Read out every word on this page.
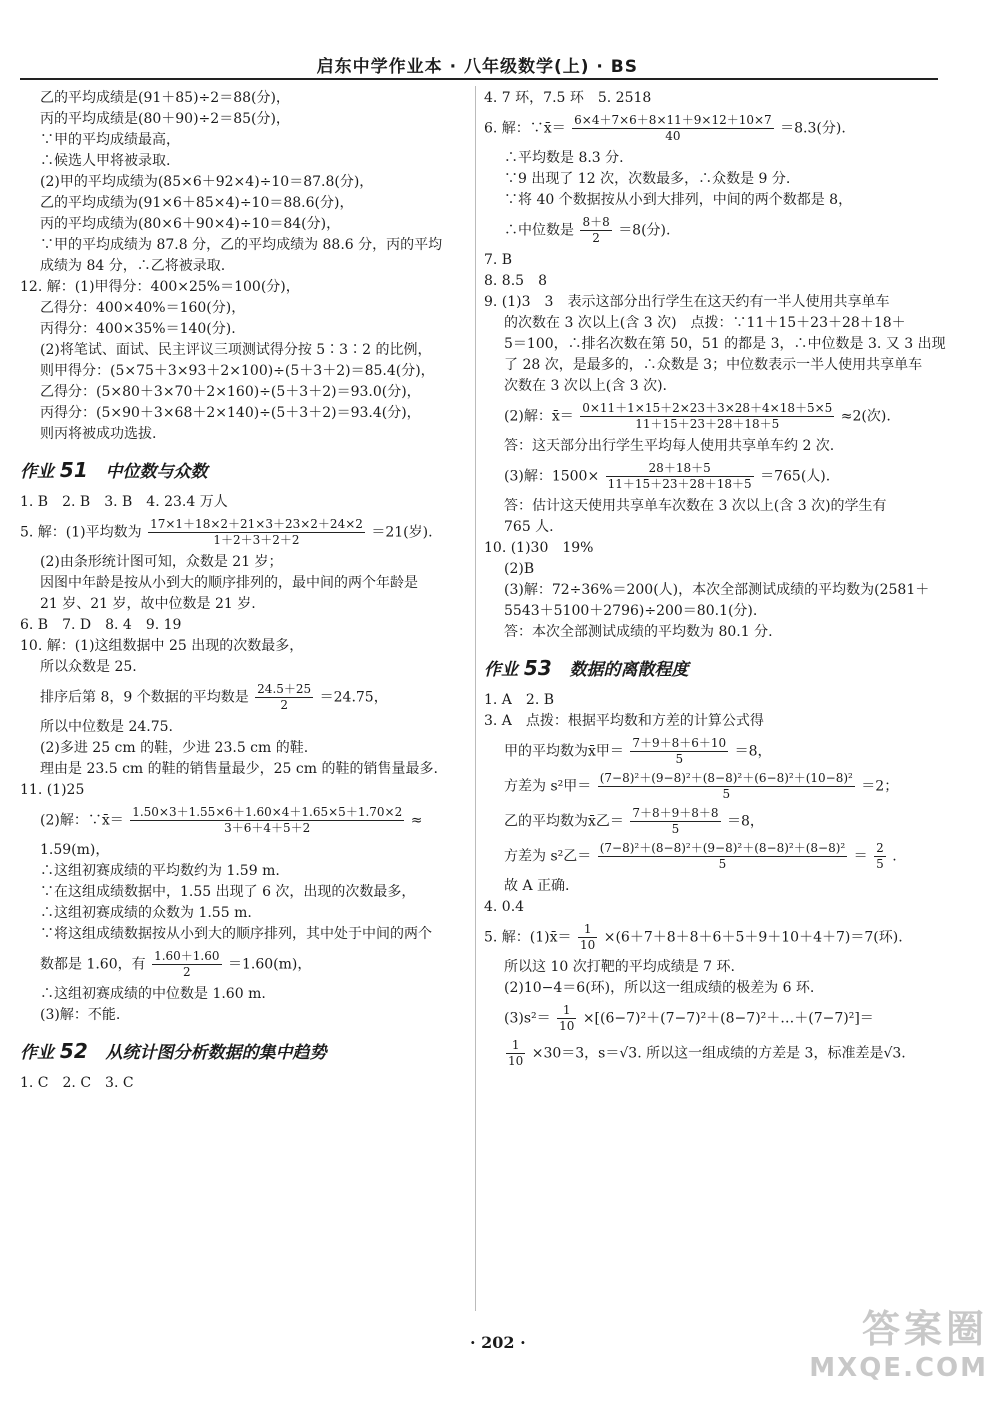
启东中学作业本 · 八年级数学(上) · BS

乙的平均成绩是(91＋85)÷2＝88(分)，

丙的平均成绩是(80＋90)÷2＝85(分)，

∵甲的平均成绩最高，

∴候选人甲将被录取.

(2)甲的平均成绩为(85×6＋92×4)÷10＝87.8(分)，

乙的平均成绩为(91×6＋85×4)÷10＝88.6(分)，

丙的平均成绩为(80×6＋90×4)÷10＝84(分)，

∵甲的平均成绩为 87.8 分，乙的平均成绩为 88.6 分，丙的平均

成绩为 84 分，∴乙将被录取.

12. 解：(1)甲得分：400×25%＝100(分)，

乙得分：400×40%＝160(分)，

丙得分：400×35%＝140(分).

(2)将笔试、面试、民主评议三项测试得分按 5∶3∶2 的比例，

则甲得分：(5×75＋3×93＋2×100)÷(5＋3＋2)＝85.4(分)，

乙得分：(5×80＋3×70＋2×160)÷(5＋3＋2)＝93.0(分)，

丙得分：(5×90＋3×68＋2×140)÷(5＋3＋2)＝93.4(分)，

则丙将被成功选拔.

作业 51 中位数与众数

1. B　2. B　3. B　4. 23.4 万人

5. 解：(1)平均数为 $\frac{17\times 1+18\times 2+21\times 3+23\times 2+24\times 2}{1+2+3+2+2} =21$(岁).

(2)由条形统计图可知，众数是 21 岁；

因图中年龄是按从小到大的顺序排列的，最中间的两个年龄是

21 岁、21 岁，故中位数是 21 岁.

6. B　7. D　8. 4　9. 19

10. 解：(1)这组数据中 25 出现的次数最多，

所以众数是 25.

排序后第 8，9 个数据的平均数是 $\frac{24.5+25}{2} =24.75$，

所以中位数是 24.75.

(2)多进 25 cm 的鞋，少进 23.5 cm 的鞋.

理由是 23.5 cm 的鞋的销售量最少，25 cm 的鞋的销售量最多.

11. (1)25

(2)解：∵x̄＝ $\frac{1.50\times 3+1.55\times 6+1.60\times 4+1.65\times 5+1.70\times 2}{3+6+4+5+2}$ ≈

1.59(m)，

∴这组初赛成绩的平均数约为 1.59 m.

∵在这组成绩数据中，1.55 出现了 6 次，出现的次数最多，

∴这组初赛成绩的众数为 1.55 m.

∵将这组成绩数据按从小到大的顺序排列，其中处于中间的两个

数都是 1.60，有 $\frac{1.60+1.60}{2} =1.60(m)$，

∴这组初赛成绩的中位数是 1.60 m.

(3)解：不能.

作业 52 从统计图分析数据的集中趋势

1. C　2. C　3. C

4. 7 环，7.5 环　5. 2518

6. 解：∵x̄＝ $\frac{6\times 4+7\times 6+8\times 11+9\times 12+10\times 7}{40} =8.3$(分).

∴平均数是 8.3 分.

∵9 出现了 12 次，次数最多，∴众数是 9 分.

∵将 40 个数据按从小到大排列，中间的两个数都是 8，

∴中位数是 $\frac{8+8}{2} =8$(分).

7. B

8. 8.5　8

9. (1)3　3　表示这部分出行学生在这天约有一半人使用共享单车

的次数在 3 次以上(含 3 次)　点拨：∵11＋15＋23＋28＋18＋

5＝100，∴排名次数在第 50，51 的都是 3，∴中位数是 3. 又 3 出现

了 28 次，是最多的，∴众数是 3；中位数表示一半人使用共享单车

次数在 3 次以上(含 3 次).

(2)解：x̄＝ $\frac{0\times 11+1\times 15+2\times 23+3\times 28+4\times 18+5\times 5}{11+15+23+28+18+5} \approx 2$(次).

答：这天部分出行学生平均每人使用共享单车约 2 次.

(3)解：$1500\times \frac{28+18+5}{11+15+23+28+18+5} =765$(人).

答：估计这天使用共享单车次数在 3 次以上(含 3 次)的学生有

765 人.

10. (1)30　19%

(2)B

(3)解：72÷36%＝200(人)，本次全部测试成绩的平均数为(2581＋

5543＋5100＋2796)÷200＝80.1(分).

答：本次全部测试成绩的平均数为 80.1 分.

作业 53 数据的离散程度

1. A　2. B

3. A　点拨：根据平均数和方差的计算公式得

甲的平均数为x̄甲＝ $\frac{7+9+8+6+10}{5} =8$，
方差为 s²甲＝ $\frac{\text{(7−8)²＋(9−8)²＋(8−8)²＋(6−8)²＋(10−8)²}}{5} =2$；
乙的平均数为x̄乙＝ $\frac{7+8+9+8+8}{5} =8$，
方差为 s²乙＝ $\frac{\text{(7−8)²＋(8−8)²＋(9−8)²＋(8−8)²＋(8−8)²}}{5} = \frac{2}{5}$ .

故 A 正确.

4. 0.4

5. 解：(1)x̄＝ $\frac{1}{10} \times(6+7+8+8+6+5+9+10+4+7)=7$(环).

所以这 10 次打靶的平均成绩是 7 环.

(2)10−4＝6(环)，所以这一组成绩的极差为 6 环.

$(3)s^2= \frac{1}{10}$ ×[(6−7)²＋(7−7)²＋(8−7)²＋…＋(7−7)²]＝
$\frac{1}{10} \times 30=3$，s＝√3. 所以这一组成绩的方差是 3，标准差是√3.
· 202 ·	答案圈
MXQE.COM
